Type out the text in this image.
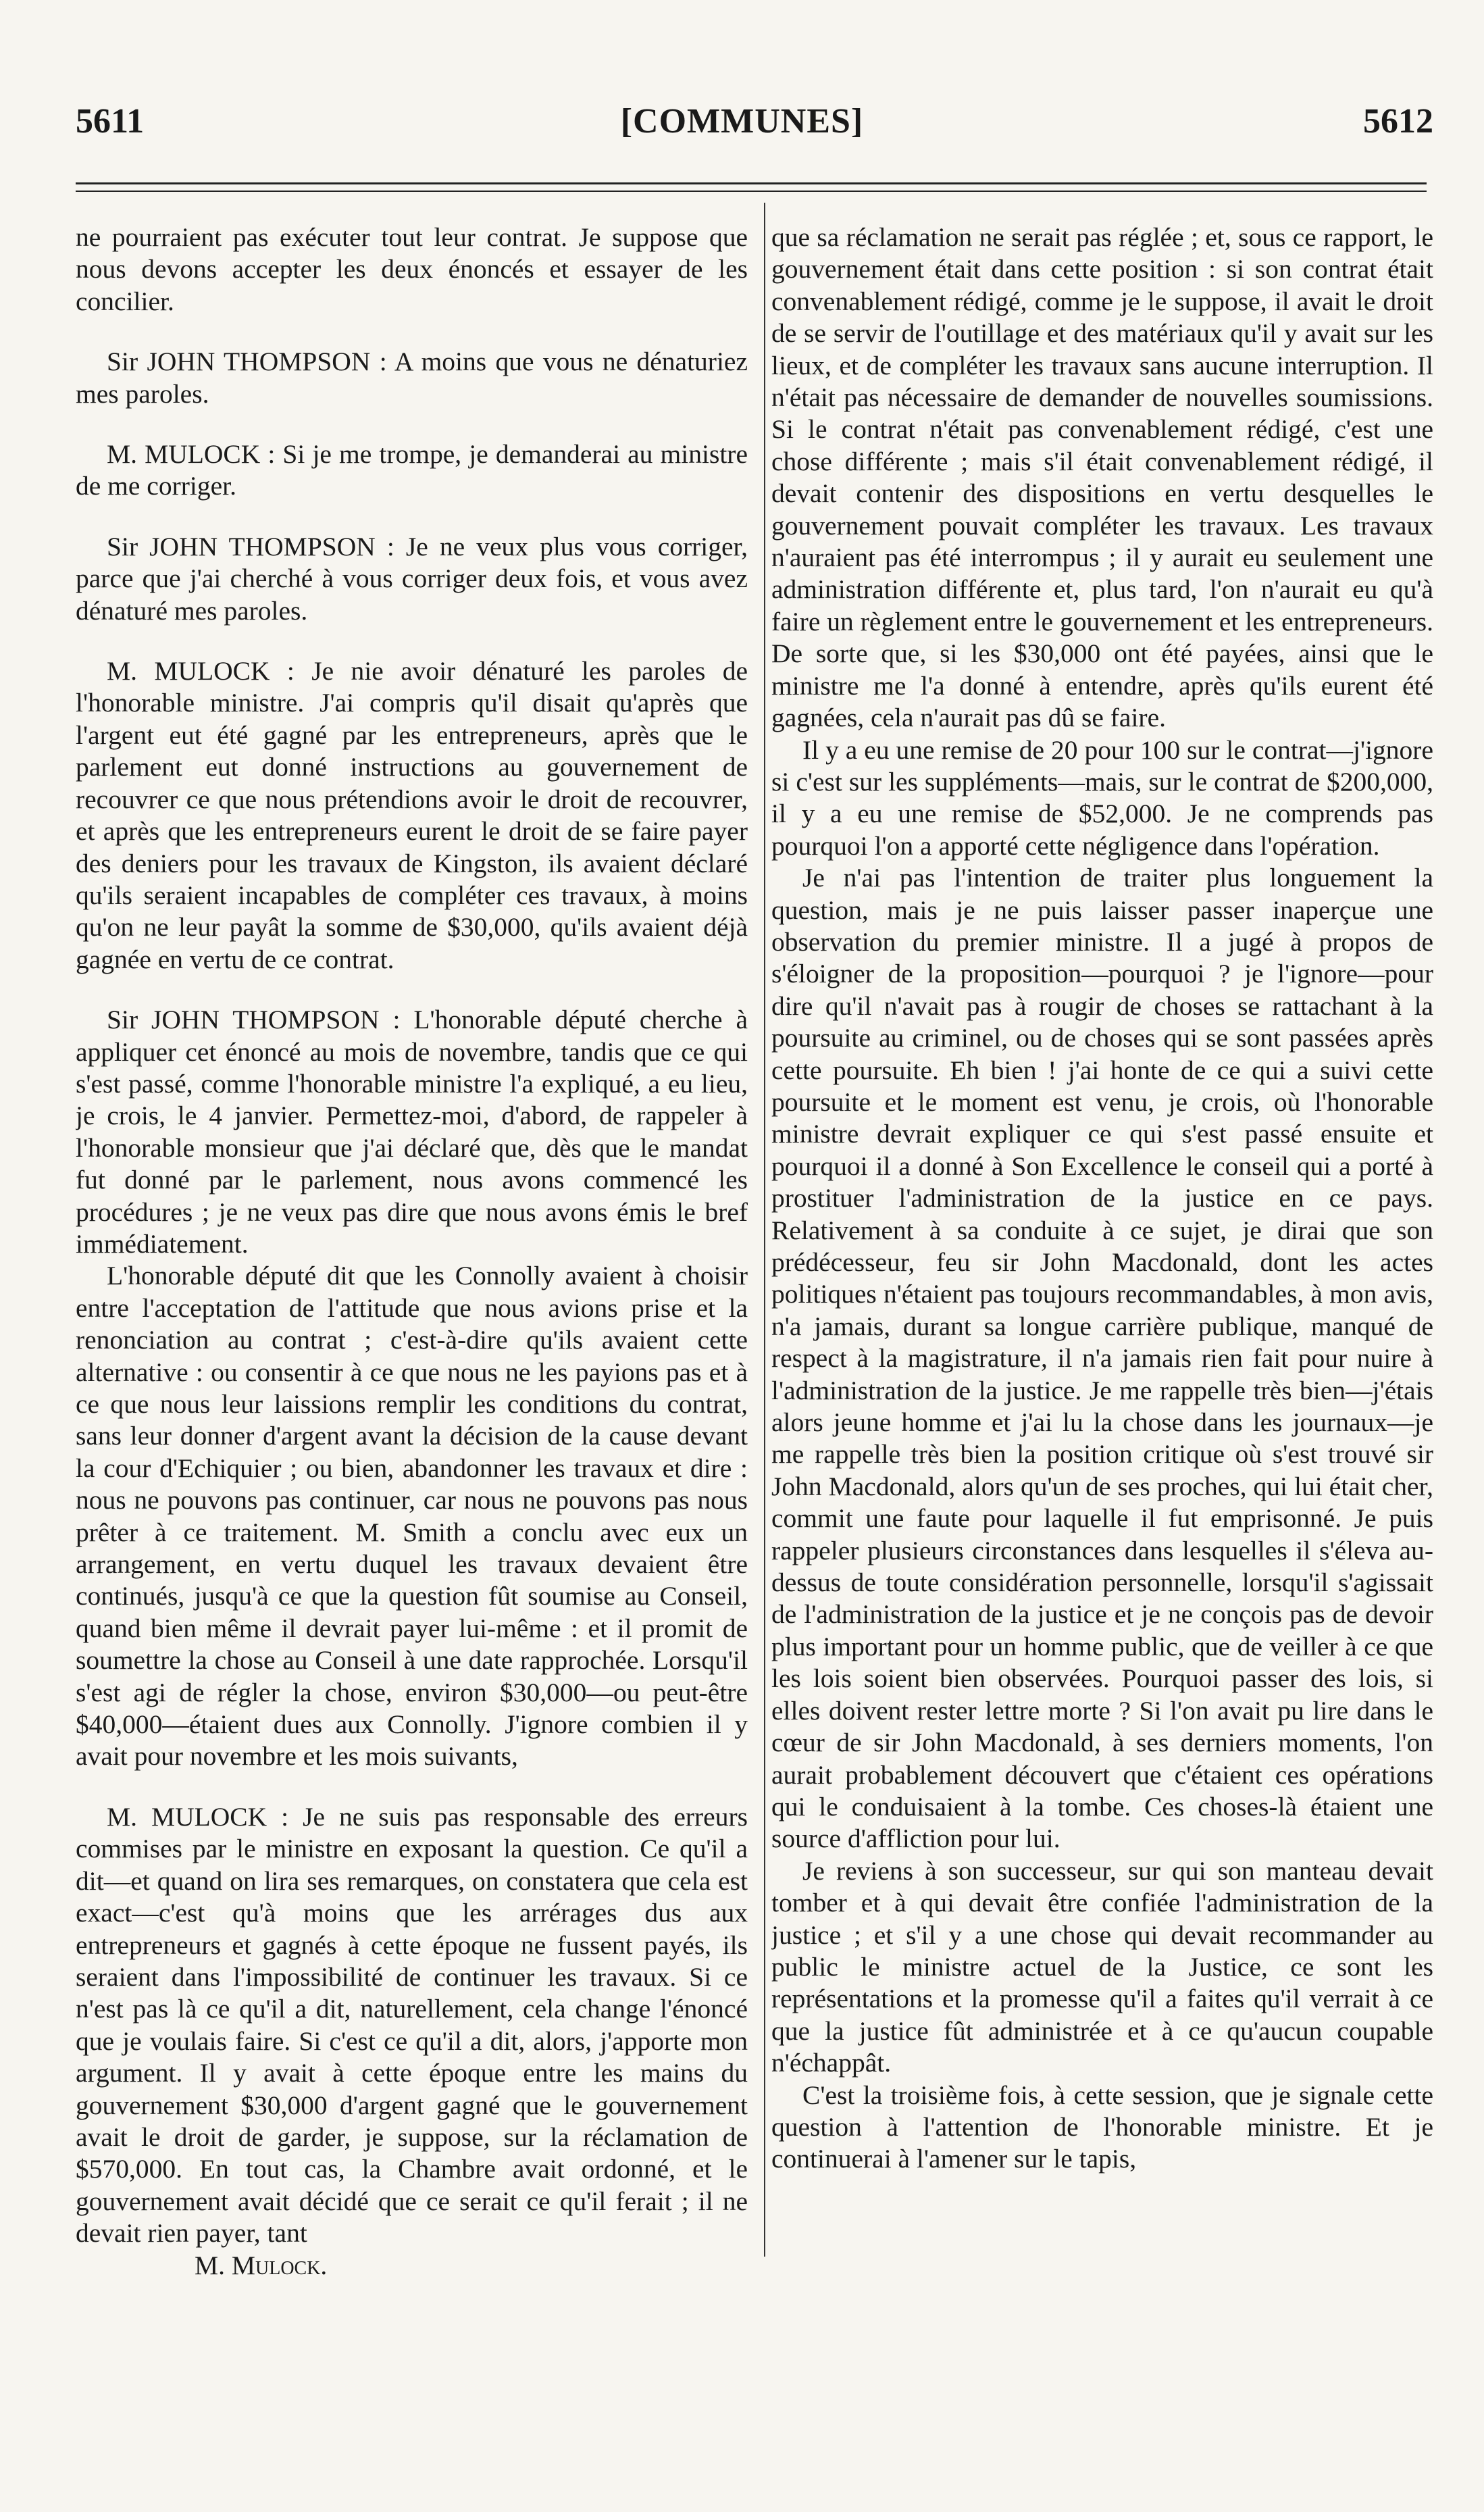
5611	[COMMUNES]	5612

ne pourraient pas exécuter tout leur contrat. Je suppose que nous devons accepter les deux énoncés et essayer de les concilier.

Sir JOHN THOMPSON : A moins que vous ne dénaturiez mes paroles.

M. MULOCK : Si je me trompe, je demanderai au ministre de me corriger.

Sir JOHN THOMPSON : Je ne veux plus vous corriger, parce que j'ai cherché à vous corriger deux fois, et vous avez dénaturé mes paroles.

M. MULOCK : Je nie avoir dénaturé les paroles de l'honorable ministre. J'ai compris qu'il disait qu'après que l'argent eut été gagné par les entrepreneurs, après que le parlement eut donné instructions au gouvernement de recouvrer ce que nous prétendions avoir le droit de recouvrer, et après que les entrepreneurs eurent le droit de se faire payer des deniers pour les travaux de Kingston, ils avaient déclaré qu'ils seraient incapables de compléter ces travaux, à moins qu'on ne leur payât la somme de $30,000, qu'ils avaient déjà gagnée en vertu de ce contrat.

Sir JOHN THOMPSON : L'honorable député cherche à appliquer cet énoncé au mois de novembre, tandis que ce qui s'est passé, comme l'honorable ministre l'a expliqué, a eu lieu, je crois, le 4 janvier. Permettez-moi, d'abord, de rappeler à l'honorable monsieur que j'ai déclaré que, dès que le mandat fut donné par le parlement, nous avons commencé les procédures ; je ne veux pas dire que nous avons émis le bref immédiatement.

L'honorable député dit que les Connolly avaient à choisir entre l'acceptation de l'attitude que nous avions prise et la renonciation au contrat ; c'est-à-dire qu'ils avaient cette alternative : ou consentir à ce que nous ne les payions pas et à ce que nous leur laissions remplir les conditions du contrat, sans leur donner d'argent avant la décision de la cause devant la cour d'Echiquier ; ou bien, abandonner les travaux et dire : nous ne pouvons pas continuer, car nous ne pouvons pas nous prêter à ce traitement. M. Smith a conclu avec eux un arrangement, en vertu duquel les travaux devaient être continués, jusqu'à ce que la question fût soumise au Conseil, quand bien même il devrait payer lui-même : et il promit de soumettre la chose au Conseil à une date rapprochée. Lorsqu'il s'est agi de régler la chose, environ $30,000—ou peut-être $40,000—étaient dues aux Connolly. J'ignore combien il y avait pour novembre et les mois suivants,

M. MULOCK : Je ne suis pas responsable des erreurs commises par le ministre en exposant la question. Ce qu'il a dit—et quand on lira ses remarques, on constatera que cela est exact—c'est qu'à moins que les arrérages dus aux entrepreneurs et gagnés à cette époque ne fussent payés, ils seraient dans l'impossibilité de continuer les travaux. Si ce n'est pas là ce qu'il a dit, naturellement, cela change l'énoncé que je voulais faire. Si c'est ce qu'il a dit, alors, j'apporte mon argument. Il y avait à cette époque entre les mains du gouvernement $30,000 d'argent gagné que le gouvernement avait le droit de garder, je suppose, sur la réclamation de $570,000. En tout cas, la Chambre avait ordonné, et le gouvernement avait décidé que ce serait ce qu'il ferait ; il ne devait rien payer, tant

M. Mulock.

que sa réclamation ne serait pas réglée ; et, sous ce rapport, le gouvernement était dans cette position : si son contrat était convenablement rédigé, comme je le suppose, il avait le droit de se servir de l'outillage et des matériaux qu'il y avait sur les lieux, et de compléter les travaux sans aucune interruption. Il n'était pas nécessaire de demander de nouvelles soumissions. Si le contrat n'était pas convenablement rédigé, c'est une chose différente ; mais s'il était convenablement rédigé, il devait contenir des dispositions en vertu desquelles le gouvernement pouvait compléter les travaux. Les travaux n'auraient pas été interrompus ; il y aurait eu seulement une administration différente et, plus tard, l'on n'aurait eu qu'à faire un règlement entre le gouvernement et les entrepreneurs. De sorte que, si les $30,000 ont été payées, ainsi que le ministre me l'a donné à entendre, après qu'ils eurent été gagnées, cela n'aurait pas dû se faire.

Il y a eu une remise de 20 pour 100 sur le contrat—j'ignore si c'est sur les suppléments—mais, sur le contrat de $200,000, il y a eu une remise de $52,000. Je ne comprends pas pourquoi l'on a apporté cette négligence dans l'opération.

Je n'ai pas l'intention de traiter plus longuement la question, mais je ne puis laisser passer inaperçue une observation du premier ministre. Il a jugé à propos de s'éloigner de la proposition—pourquoi ? je l'ignore—pour dire qu'il n'avait pas à rougir de choses se rattachant à la poursuite au criminel, ou de choses qui se sont passées après cette poursuite. Eh bien ! j'ai honte de ce qui a suivi cette poursuite et le moment est venu, je crois, où l'honorable ministre devrait expliquer ce qui s'est passé ensuite et pourquoi il a donné à Son Excellence le conseil qui a porté à prostituer l'administration de la justice en ce pays. Relativement à sa conduite à ce sujet, je dirai que son prédécesseur, feu sir John Macdonald, dont les actes politiques n'étaient pas toujours recommandables, à mon avis, n'a jamais, durant sa longue carrière publique, manqué de respect à la magistrature, il n'a jamais rien fait pour nuire à l'administration de la justice. Je me rappelle très bien—j'étais alors jeune homme et j'ai lu la chose dans les journaux—je me rappelle très bien la position critique où s'est trouvé sir John Macdonald, alors qu'un de ses proches, qui lui était cher, commit une faute pour laquelle il fut emprisonné. Je puis rappeler plusieurs circonstances dans lesquelles il s'éleva au-dessus de toute considération personnelle, lorsqu'il s'agissait de l'administration de la justice et je ne conçois pas de devoir plus important pour un homme public, que de veiller à ce que les lois soient bien observées. Pourquoi passer des lois, si elles doivent rester lettre morte ? Si l'on avait pu lire dans le cœur de sir John Macdonald, à ses derniers moments, l'on aurait probablement découvert que c'étaient ces opérations qui le conduisaient à la tombe. Ces choses-là étaient une source d'affliction pour lui.

Je reviens à son successeur, sur qui son manteau devait tomber et à qui devait être confiée l'administration de la justice ; et s'il y a une chose qui devait recommander au public le ministre actuel de la Justice, ce sont les représentations et la promesse qu'il a faites qu'il verrait à ce que la justice fût administrée et à ce qu'aucun coupable n'échappât.

C'est la troisième fois, à cette session, que je signale cette question à l'attention de l'honorable ministre. Et je continuerai à l'amener sur le tapis,
